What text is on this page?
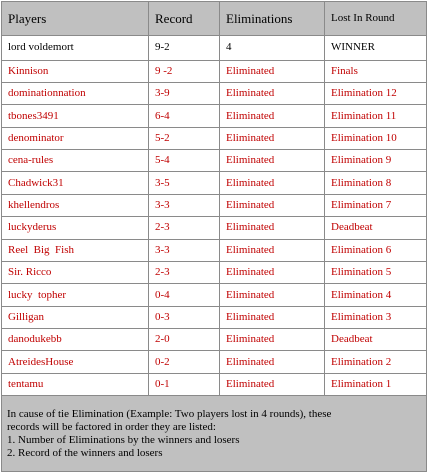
Players	Record	Eliminations	Lost In Round
lord voldemort	9-2	4	WINNER
Kinnison	9 -2	Eliminated	Finals
dominationnation	3-9	Eliminated	Elimination 12
tbones3491	6-4	Eliminated	Elimination 11
denominator	5-2	Eliminated	Elimination 10
cena-rules	5-4	Eliminated	Elimination 9
Chadwick31	3-5	Eliminated	Elimination 8
khellendros	3-3	Eliminated	Elimination 7
luckyderus	2-3	Eliminated	Deadbeat
Reel  Big  Fish	3-3	Eliminated	Elimination 6
Sir. Ricco	2-3	Eliminated	Elimination 5
lucky  topher	0-4	Eliminated	Elimination 4
Gilligan	0-3	Eliminated	Elimination 3
danodukebb	2-0	Eliminated	Deadbeat
AtreidesHouse	0-2	Eliminated	Elimination 2
tentamu	0-1	Eliminated	Elimination 1

In cause of tie Elimination (Example: Two players lost in 4 rounds), these
records will be factored in order they are listed:
1. Number of Eliminations by the winners and losers
2. Record of the winners and losers			
